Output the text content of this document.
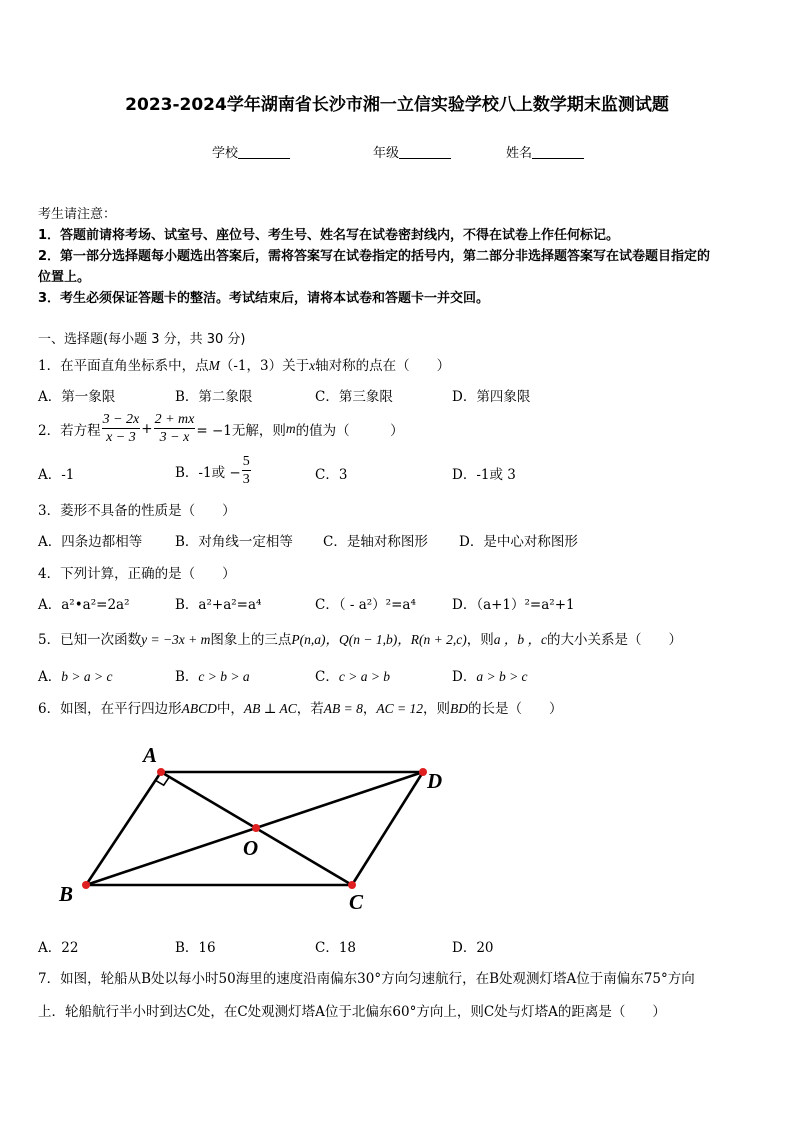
2023-2024学年湖南省长沙市湘一立信实验学校八上数学期末监测试题
学校	年级	姓名
考生请注意：
1．答题前请将考场、试室号、座位号、考生号、姓名写在试卷密封线内，不得在试卷上作任何标记。
2．第一部分选择题每小题选出答案后，需将答案写在试卷指定的括号内，第二部分非选择题答案写在试卷题目指定的
位置上。
3．考生必须保证答题卡的整洁。考试结束后，请将本试卷和答题卡一并交回。
一、选择题(每小题 3 分，共 30 分)
1．在平面直角坐标系中，点M（-1，3）关于x轴对称的点在（　　）
A．第一象限	B．第二象限	C．第三象限	D．第四象限
2．若方程 $\frac{3 - 2x}{x - 3} + \frac{2 + mx}{3 - x} = -1$无解，则 m 的值为（　　　）
A．-1	B．-1或 − $\frac{5}{3}$	C．3	D．-1或 3
3．菱形不具备的性质是（　　）
A．四条边都相等 B．对角线一定相等 C．是轴对称图形 D．是中心对称图形
4．下列计算，正确的是（　　）
A．a²•a²=2a²	B．a²+a²=a⁴	C．（ - a²）²=a⁴	D．（a+1）²=a²+1
5．已知一次函数y = −3x + m图象上的三点P(n,a)，Q(n − 1,b)，R(n + 2,c)，则a ，b ，c的大小关系是（　　）
A．b > a > c	B．c > b > a	C．c > a > b	D．a > b > c
6．如图，在平行四边形ABCD中，AB ⊥ AC，若AB = 8，AC = 12，则BD的长是（　　）
A
D
O
B	C
A．22	B．16	C．18	D．20
7．如图，轮船从B处以每小时50海里的速度沿南偏东30°方向匀速航行，在B处观测灯塔A位于南偏东75°方向
上．轮船航行半小时到达C处，在C处观测灯塔A位于北偏东60°方向上，则C处与灯塔A的距离是（　　）
